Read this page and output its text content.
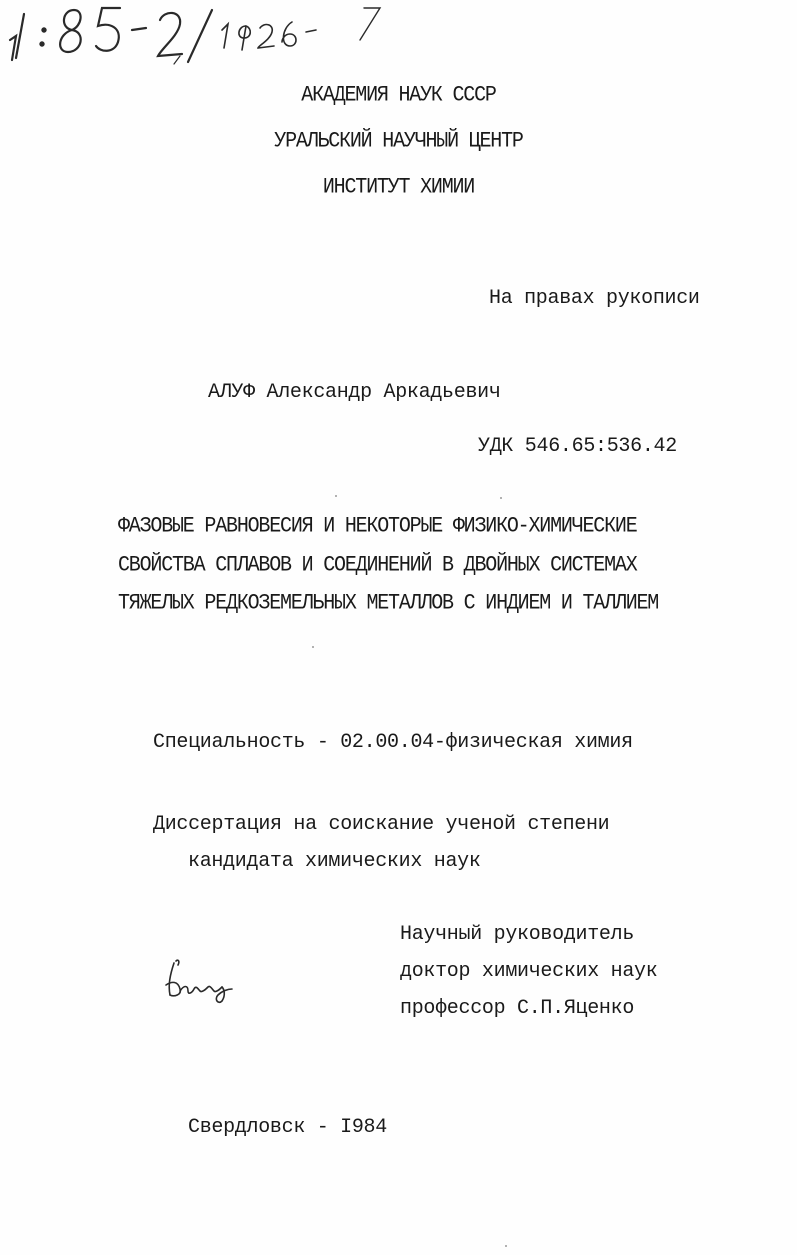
АКАДЕМИЯ НАУК СССР
УРАЛЬСКИЙ НАУЧНЫЙ ЦЕНТР
ИНСТИТУТ ХИМИИ
На правах рукописи
АЛУФ Александр Аркадьевич
УДК 546.65:536.42
ФАЗОВЫЕ РАВНОВЕСИЯ И НЕКОТОРЫЕ ФИЗИКО-ХИМИЧЕСКИЕ
СВОЙСТВА СПЛАВОВ И СОЕДИНЕНИЙ В ДВОЙНЫХ СИСТЕМАХ
ТЯЖЕЛЫХ РЕДКОЗЕМЕЛЬНЫХ МЕТАЛЛОВ С ИНДИЕМ И ТАЛЛИЕМ
Специальность - 02.00.04-физическая химия
Диссертация на соискание ученой степени
кандидата химических наук
Научный руководитель
доктор химических наук
профессор С.П.Яценко
Свердловск - I984
